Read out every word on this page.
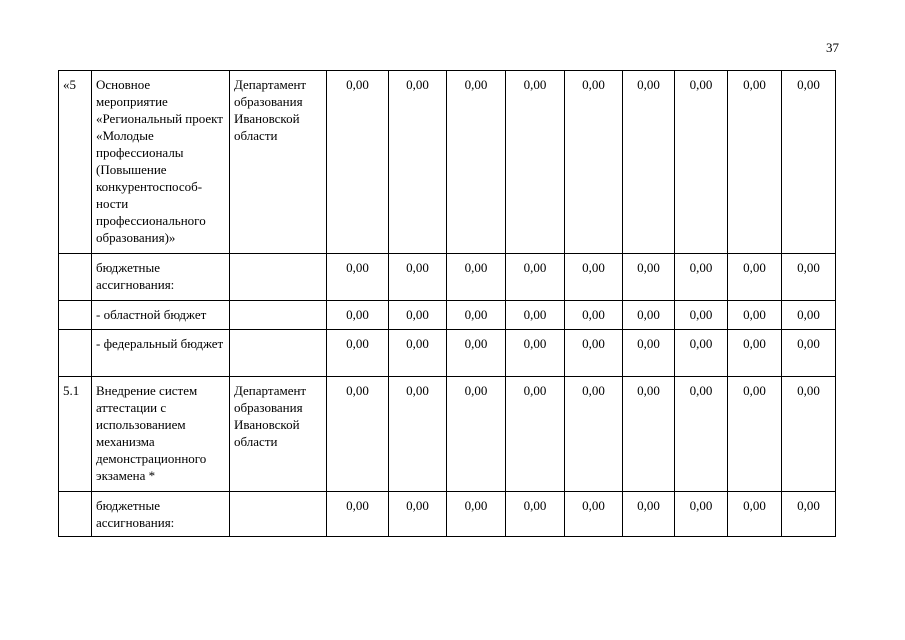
37
«5	Основное мероприятие «Региональный проект «Молодые профессионалы (Повышение конкурентоспособ-ности профессионального образования)»	Департамент образования Ивановской области	0,00	0,00	0,00	0,00	0,00	0,00	0,00	0,00	0,00
	бюджетные ассигнования:		0,00	0,00	0,00	0,00	0,00	0,00	0,00	0,00	0,00
	- областной бюджет		0,00	0,00	0,00	0,00	0,00	0,00	0,00	0,00	0,00
	- федеральный бюджет		0,00	0,00	0,00	0,00	0,00	0,00	0,00	0,00	0,00
5.1	Внедрение систем аттестации с использованием механизма демонстрационного экзамена *	Департамент образования Ивановской области	0,00	0,00	0,00	0,00	0,00	0,00	0,00	0,00	0,00
	бюджетные ассигнования:		0,00	0,00	0,00	0,00	0,00	0,00	0,00	0,00	0,00
